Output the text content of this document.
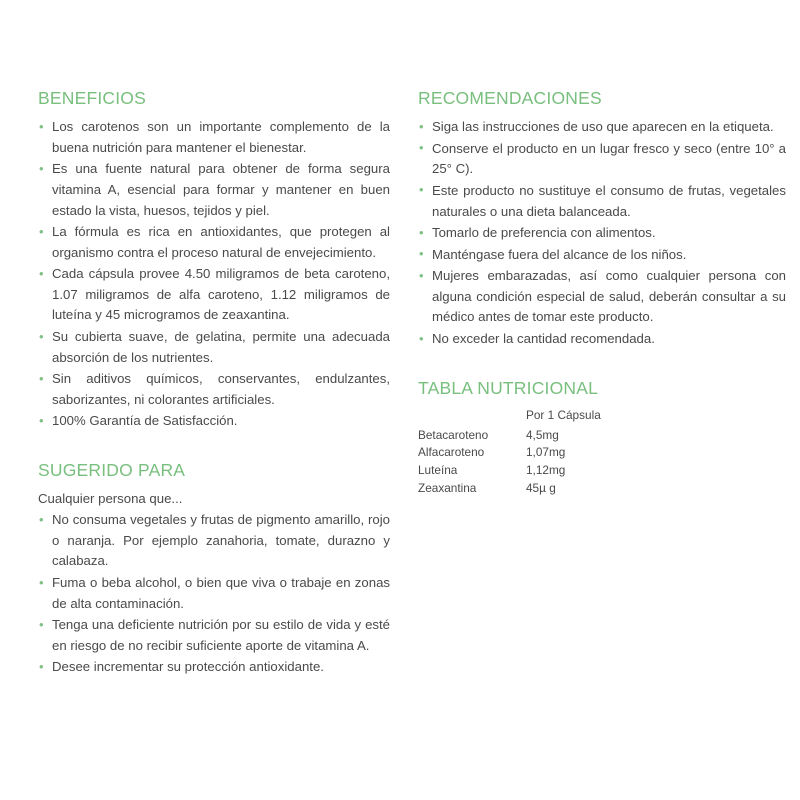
BENEFICIOS
• Los carotenos son un importante complemento de la buena nutrición para mantener el bienestar.
• Es una fuente natural para obtener de forma segura vitamina A, esencial para formar y mantener en buen estado la vista, huesos, tejidos y piel.
• La fórmula es rica en antioxidantes, que protegen al organismo contra el proceso natural de envejecimiento.
• Cada cápsula provee 4.50 miligramos de beta caroteno, 1.07 miligramos de alfa caroteno, 1.12 miligramos de luteína y 45 microgramos de zeaxantina.
• Su cubierta suave, de gelatina, permite una adecuada absorción de los nutrientes.
• Sin aditivos químicos, conservantes, endulzantes, saborizantes, ni colorantes artificiales.
• 100% Garantía de Satisfacción.
SUGERIDO PARA

Cualquier persona que...

• No consuma vegetales y frutas de pigmento amarillo, rojo o naranja. Por ejemplo zanahoria, tomate, durazno y calabaza.
• Fuma o beba alcohol, o bien que viva o trabaje en zonas de alta contaminación.
• Tenga una deficiente nutrición por su estilo de vida y esté en riesgo de no recibir suficiente aporte de vitamina A.
• Desee incrementar su protección antioxidante.
RECOMENDACIONES
• Siga las instrucciones de uso que aparecen en la etiqueta.
• Conserve el producto en un lugar fresco y seco (entre 10° a 25° C).
• Este producto no sustituye el consumo de frutas, vegetales naturales o una dieta balanceada.
• Tomarlo de preferencia con alimentos.
• Manténgase fuera del alcance de los niños.
• Mujeres embarazadas, así como cualquier persona con alguna condición especial de salud, deberán consultar a su médico antes de tomar este producto.
• No exceder la cantidad recomendada.
TABLA NUTRICIONAL
	Por 1 Cápsula
Betacaroteno	4,5mg
Alfacaroteno	1,07mg
Luteína	1,12mg
Zeaxantina	45µ g
